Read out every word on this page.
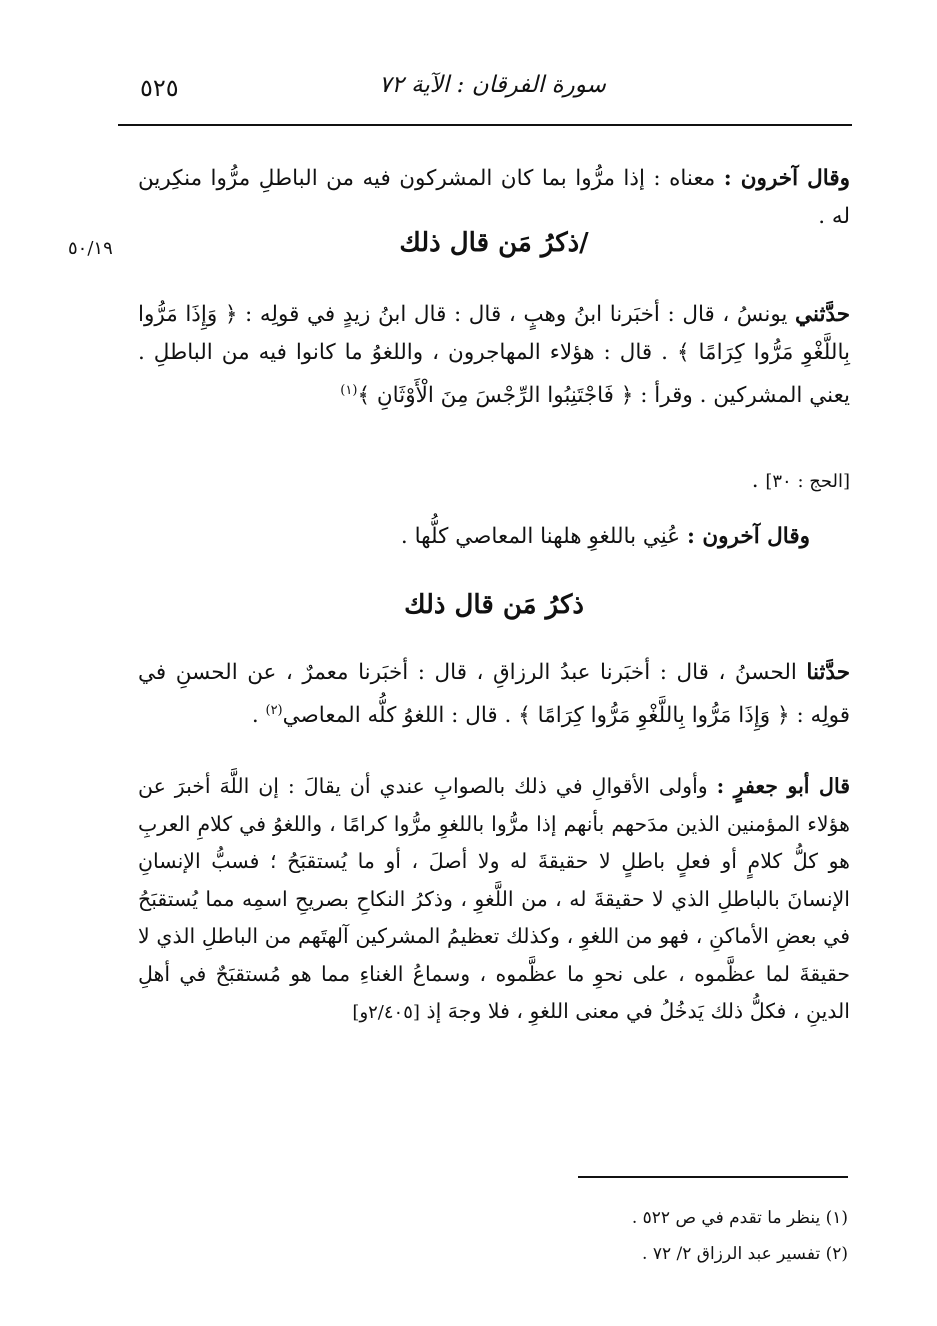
٥٢٥	سورة الفرقان : الآية ٧٢
وقال آخرون : معناه : إذا مرُّوا بما كان المشركون فيه من الباطلِ مرُّوا منكِرين له .
٥٠/١٩	/ذكرُ مَن قال ذلك
حدَّثني يونسُ ، قال : أخبَرنا ابنُ وهبٍ ، قال : قال ابنُ زيدٍ في قولِه : ﴿ وَإِذَا مَرُّوا بِاللَّغْوِ مَرُّوا كِرَامًا ﴾ . قال : هؤلاء المهاجرون ، واللغوُ ما كانوا فيه من الباطلِ . يعني المشركين . وقرأ : ﴿ فَاجْتَنِبُوا الرِّجْسَ مِنَ الْأَوْثَانِ ﴾$^{(١)}$
[الحج : ٣٠] .
وقال آخرون : عُنِي باللغوِ هلهنا المعاصي كلُّها .
ذكرُ مَن قال ذلك
حدَّثنا الحسنُ ، قال : أخبَرنا عبدُ الرزاقِ ، قال : أخبَرنا معمرٌ ، عن الحسنِ في قولِه : ﴿ وَإِذَا مَرُّوا بِاللَّغْوِ مَرُّوا كِرَامًا ﴾ . قال : اللغوُ كلُّه المعاصي$^{(٢)}$ .
قال أبو جعفرٍ : وأولى الأقوالِ في ذلك بالصوابِ عندي أن يقالَ : إن اللَّهَ أخبرَ عن هؤلاء المؤمنين الذين مدَحهم بأنهم إذا مرُّوا باللغوِ مرُّوا كرامًا ، واللغوُ في كلامِ العربِ هو كلُّ كلامٍ أو فعلٍ باطلٍ لا حقيقةَ له ولا أصلَ ، أو ما يُستقبَحُ ؛ فسبُّ الإنسانِ الإنسانَ بالباطلِ الذي لا حقيقةَ له ، من اللَّغوِ ، وذكرُ النكاحِ بصريحِ اسمِه مما يُستقبَحُ في بعضِ الأماكنِ ، فهو من اللغوِ ، وكذلك تعظيمُ المشركين آلهتَهم من الباطلِ الذي لا حقيقةَ لما عظَّموه ، على نحوِ ما عظَّموه ، وسماعُ الغناءِ مما هو مُستقبَحٌ في أهلِ الدينِ ، فكلُّ ذلك يَدخُلُ في معنى اللغوِ ، فلا وجهَ إذ [٢/٤٠٥و]
(١) ينظر ما تقدم في ص ٥٢٢ .
(٢) تفسير عبد الرزاق ٢/ ٧٢ .
